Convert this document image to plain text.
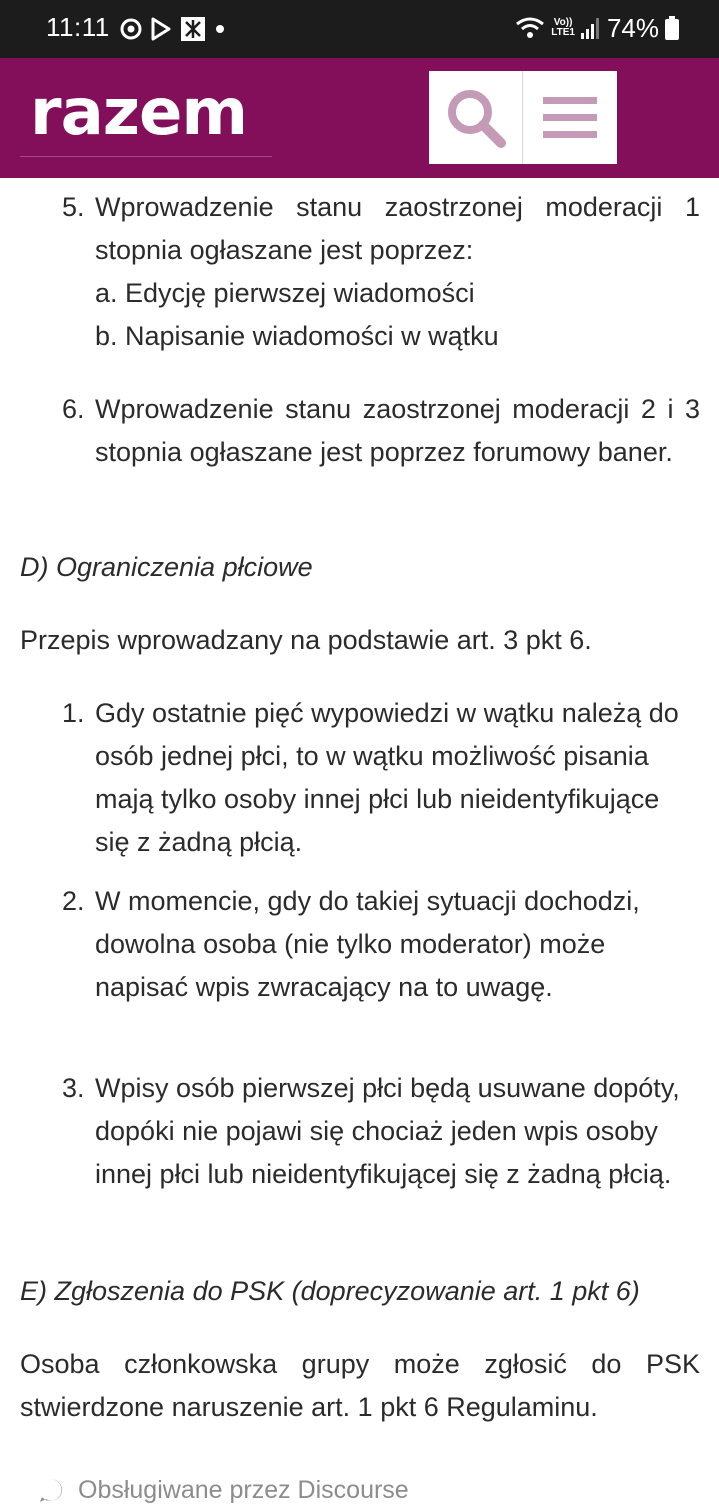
11:11	Vo))
LTE1 74%
razem
5. Wprowadzenie stanu zaostrzonej moderacji 1 stopnia ogłaszane jest poprzez:
a. Edycję pierwszej wiadomości
b. Napisanie wiadomości w wątku
6. Wprowadzenie stanu zaostrzonej moderacji 2 i 3 stopnia ogłaszane jest poprzez forumowy baner.
D) Ograniczenia płciowe
Przepis wprowadzany na podstawie art. 3 pkt 6.
1. Gdy ostatnie pięć wypowiedzi w wątku należą do osób jednej płci, to w wątku możliwość pisania mają tylko osoby innej płci lub nieidentyfikujące się z żadną płcią.
2. W momencie, gdy do takiej sytuacji dochodzi, dowolna osoba (nie tylko moderator) może napisać wpis zwracający na to uwagę.
3. Wpisy osób pierwszej płci będą usuwane dopóty, dopóki nie pojawi się chociaż jeden wpis osoby innej płci lub nieidentyfikującej się z żadną płcią.
E) Zgłoszenia do PSK (doprecyzowanie art. 1 pkt 6)
Osoba członkowska grupy może zgłosić do PSK stwierdzone naruszenie art. 1 pkt 6 Regulaminu.
Obsługiwane przez Discourse
